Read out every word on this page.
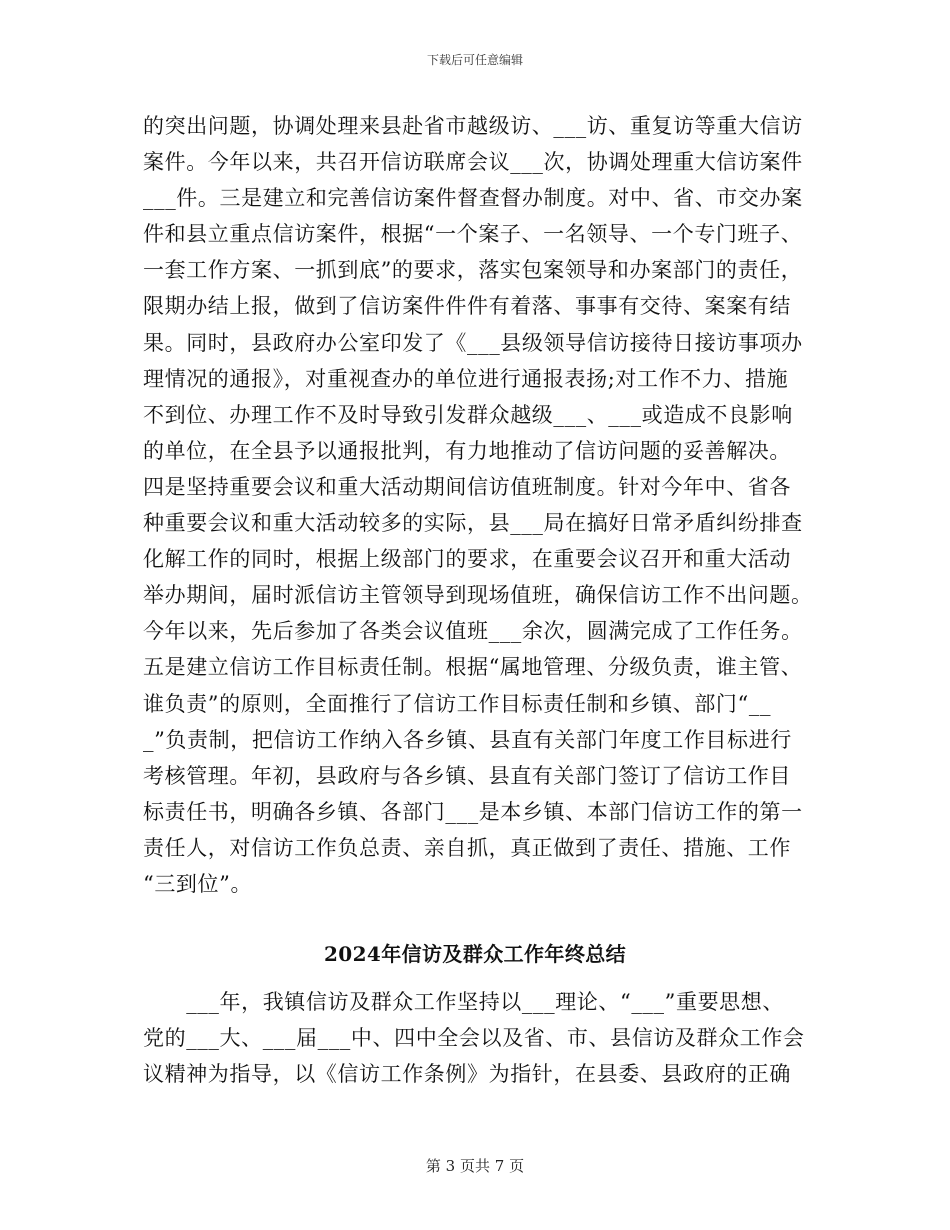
下载后可任意编辑
的突出问题，协调处理来县赴省市越级访、___访、重复访等重大信访
案件。今年以来，共召开信访联席会议___次，协调处理重大信访案件
___件。三是建立和完善信访案件督查督办制度。对中、省、市交办案
件和县立重点信访案件，根据“一个案子、一名领导、一个专门班子、
一套工作方案、一抓到底”的要求，落实包案领导和办案部门的责任，
限期办结上报，做到了信访案件件件有着落、事事有交待、案案有结
果。同时，县政府办公室印发了《___县级领导信访接待日接访事项办
理情况的通报》，对重视查办的单位进行通报表扬;对工作不力、措施
不到位、办理工作不及时导致引发群众越级___、___或造成不良影响
的单位，在全县予以通报批判，有力地推动了信访问题的妥善解决。
四是坚持重要会议和重大活动期间信访值班制度。针对今年中、省各
种重要会议和重大活动较多的实际，县___局在搞好日常矛盾纠纷排查
化解工作的同时，根据上级部门的要求，在重要会议召开和重大活动
举办期间，届时派信访主管领导到现场值班，确保信访工作不出问题。
今年以来，先后参加了各类会议值班___余次，圆满完成了工作任务。
五是建立信访工作目标责任制。根据“属地管理、分级负责，谁主管、
谁负责”的原则，全面推行了信访工作目标责任制和乡镇、部门“__
_”负责制，把信访工作纳入各乡镇、县直有关部门年度工作目标进行
考核管理。年初，县政府与各乡镇、县直有关部门签订了信访工作目
标责任书，明确各乡镇、各部门___是本乡镇、本部门信访工作的第一
责任人，对信访工作负总责、亲自抓，真正做到了责任、措施、工作
“三到位”。
2024年信访及群众工作年终总结
　　___年，我镇信访及群众工作坚持以___理论、“___”重要思想、
党的___大、___届___中、四中全会以及省、市、县信访及群众工作会
议精神为指导，以《信访工作条例》为指针，在县委、县政府的正确
第 3 页共 7 页
